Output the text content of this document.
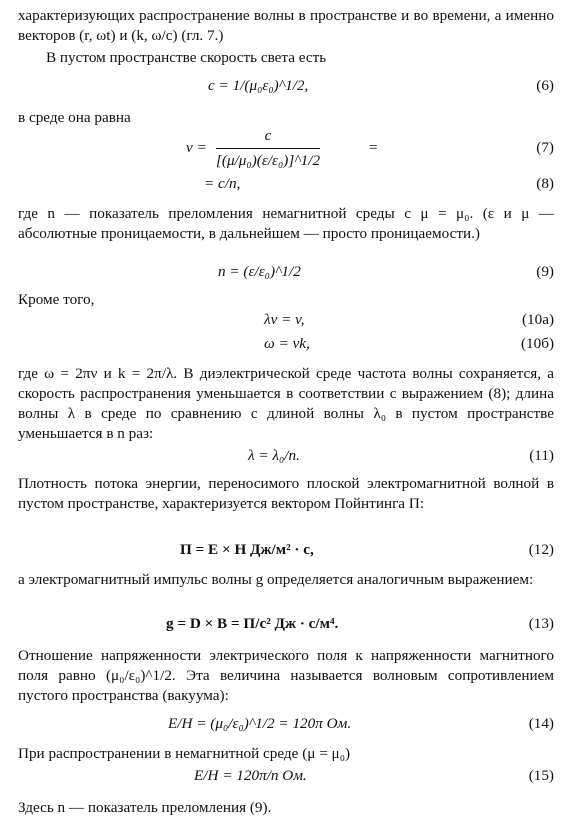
характеризующих распространение волны в пространстве и во времени, а именно векторов (r, ωt) и (k, ω/c) (гл. 7.)
В пустом пространстве скорость света есть
c = 1/(μ₀ε₀)^1/2,	(6)
в среде она равна
$v = \frac{c}{\text{[(μ/μ₀)(ε/ε₀)]\textasciicircum{}1/2}}$	=	(7)
= c/n,	(8)
где n — показатель преломления немагнитной среды с μ = μ₀. (ε и μ — абсолютные проницаемости, в дальнейшем — просто проницаемости.)
n = (ε/ε₀)^1/2	(9)
Кроме того,
λν = v,	(10a)
ω = vk,	(10б)
где ω = 2πν и k = 2π/λ. В диэлектрической среде частота волны сохраняется, а скорость распространения уменьшается в соответствии с выражением (8); длина волны λ в среде по сравнению с длиной волны λ₀ в пустом пространстве уменьшается в n раз:
λ = λ₀/n.	(11)
Плотность потока энергии, переносимого плоской электромагнитной волной в пустом пространстве, характеризуется вектором Пойнтинга Π:
Π = E × H Дж/м² · с,	(12)
а электромагнитный импульс волны g определяется аналогичным выражением:
g = D × B = Π/c² Дж · с/м⁴.	(13)
Отношение напряженности электрического поля к напряженности магнитного поля равно (μ₀/ε₀)^1/2. Эта величина называется волновым сопротивлением пустого пространства (вакуума):
E/H = (μ₀/ε₀)^1/2 = 120π Ом.	(14)
При распространении в немагнитной среде (μ = μ₀)
E/H = 120π/n Ом.	(15)
Здесь n — показатель преломления (9).
